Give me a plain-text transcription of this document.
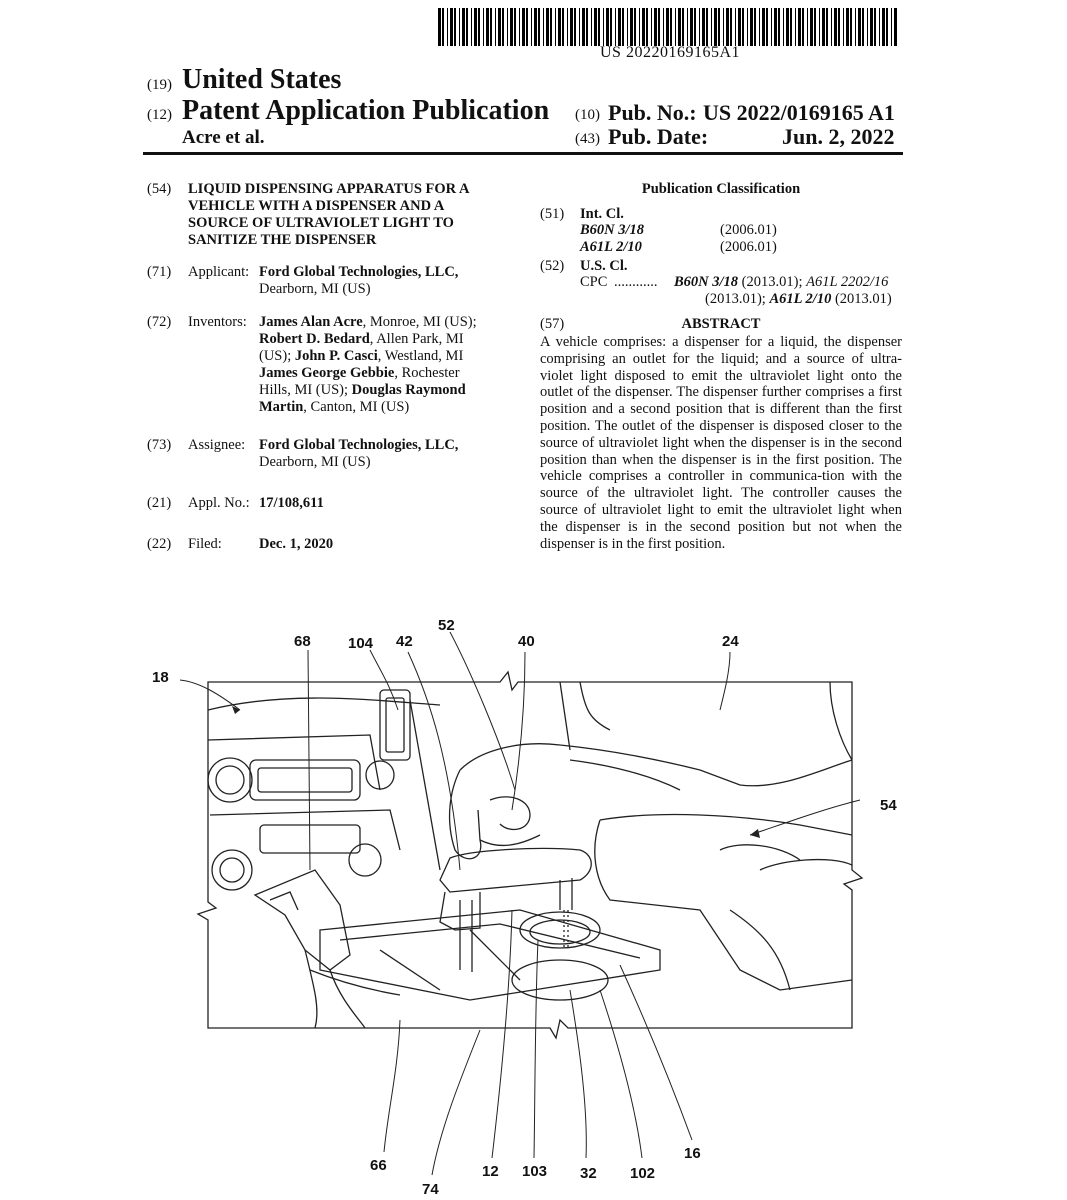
US 20220169165A1
(19) United States
(12) Patent Application Publication
Acre et al.
(10) Pub. No.: US 2022/0169165 A1
(43) Pub. Date:	Jun. 2, 2022
(54) LIQUID DISPENSING APPARATUS FOR A
VEHICLE WITH A DISPENSER AND A
SOURCE OF ULTRAVIOLET LIGHT TO
SANITIZE THE DISPENSER
(71) Applicant: Ford Global Technologies, LLC,
Dearborn, MI (US)
(72) Inventors: James Alan Acre, Monroe, MI (US);
Robert D. Bedard, Allen Park, MI
(US); John P. Casci, Westland, MI
James George Gebbie, Rochester
Hills, MI (US); Douglas Raymond
Martin, Canton, MI (US)
(73) Assignee: Ford Global Technologies, LLC,
Dearborn, MI (US)
(21) Appl. No.: 17/108,611
(22) Filed:	Dec. 1, 2020
Publication Classification
(51) Int. Cl.
B60N 3/18	(2006.01)
A61L 2/10	(2006.01)
(52) U.S. Cl.
CPC ............ B60N 3/18 (2013.01); A61L 2202/16
(2013.01); A61L 2/10 (2013.01)
(57)	ABSTRACT
A vehicle comprises: a dispenser for a liquid, the dispenser comprising an outlet for the liquid; and a source of ultra-violet light disposed to emit the ultraviolet light onto the outlet of the dispenser. The dispenser further comprises a first position and a second position that is different than the first position. The outlet of the dispenser is disposed closer to the source of ultraviolet light when the dispenser is in the second position than when the dispenser is in the first position. The vehicle comprises a controller in communica-tion with the source of the ultraviolet light. The controller causes the source of ultraviolet light to emit the ultraviolet light when the dispenser is in the second position but not when the dispenser is in the first position.
18
68 104 42
52
40	24
54
66
74
12 103 32 102
16
